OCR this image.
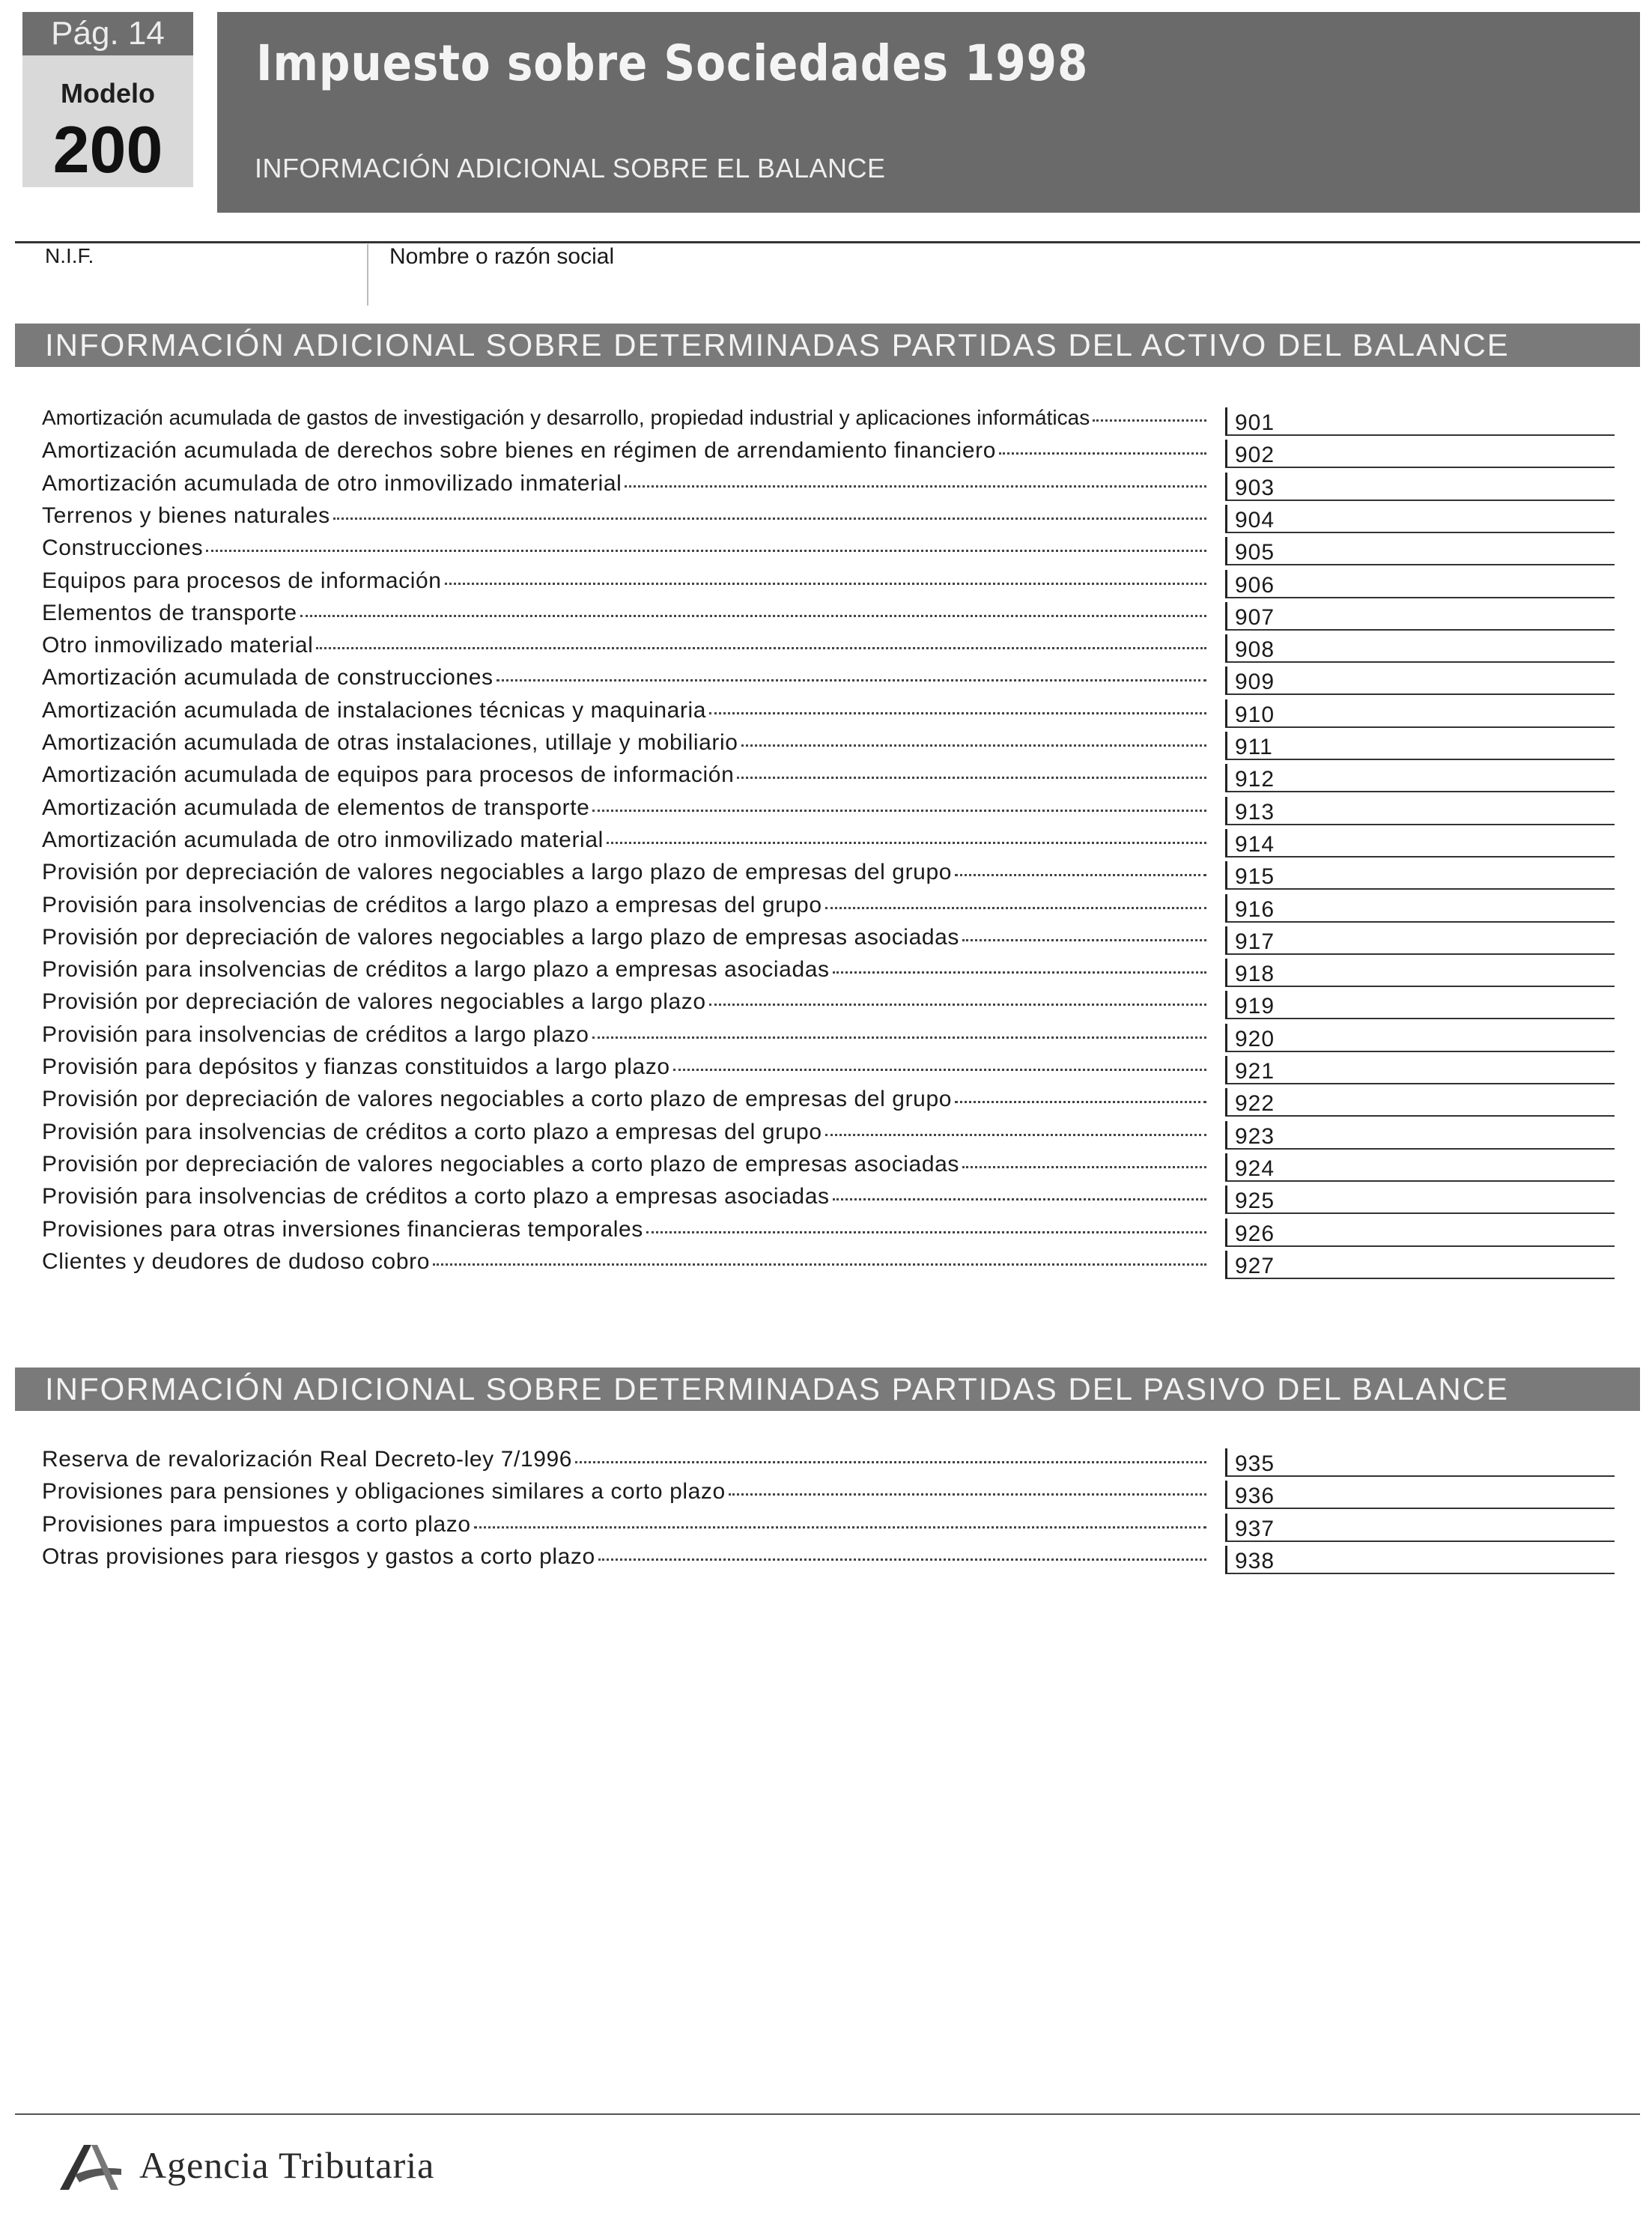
Pág. 14
Modelo
200
Impuesto sobre Sociedades 1998
INFORMACIÓN ADICIONAL SOBRE EL BALANCE
N.I.F.	Nombre o razón social
INFORMACIÓN ADICIONAL SOBRE DETERMINADAS PARTIDAS DEL ACTIVO DEL BALANCE
Amortización acumulada de gastos de investigación y desarrollo, propiedad industrial y aplicaciones informáticas	901
Amortización acumulada de derechos sobre bienes en régimen de arrendamiento financiero	902
Amortización acumulada de otro inmovilizado inmaterial	903
Terrenos y bienes naturales	904
Construcciones	905
Equipos para procesos de información	906
Elementos de transporte	907
Otro inmovilizado material	908
Amortización acumulada de construcciones	909
Amortización acumulada de instalaciones técnicas y maquinaria	910
Amortización acumulada de otras instalaciones, utillaje y mobiliario	911
Amortización acumulada de equipos para procesos de información	912
Amortización acumulada de elementos de transporte	913
Amortización acumulada de otro inmovilizado material	914
Provisión por depreciación de valores negociables a largo plazo de empresas del grupo	915
Provisión para insolvencias de créditos a largo plazo a empresas del grupo	916
Provisión por depreciación de valores negociables a largo plazo de empresas asociadas	917
Provisión para insolvencias de créditos a largo plazo a empresas asociadas	918
Provisión por depreciación de valores negociables a largo plazo	919
Provisión para insolvencias de créditos a largo plazo	920
Provisión para depósitos y fianzas constituidos a largo plazo	921
Provisión por depreciación de valores negociables a corto plazo de empresas del grupo	922
Provisión para insolvencias de créditos a corto plazo a empresas del grupo	923
Provisión por depreciación de valores negociables a corto plazo de empresas asociadas	924
Provisión para insolvencias de créditos a corto plazo a empresas asociadas	925
Provisiones para otras inversiones financieras temporales	926
Clientes y deudores de dudoso cobro	927
INFORMACIÓN ADICIONAL SOBRE DETERMINADAS PARTIDAS DEL PASIVO DEL BALANCE
Reserva de revalorización Real Decreto-ley 7/1996	935
Provisiones para pensiones y obligaciones similares a corto plazo	936
Provisiones para impuestos a corto plazo	937
Otras provisiones para riesgos y gastos a corto plazo	938
Agencia Tributaria
